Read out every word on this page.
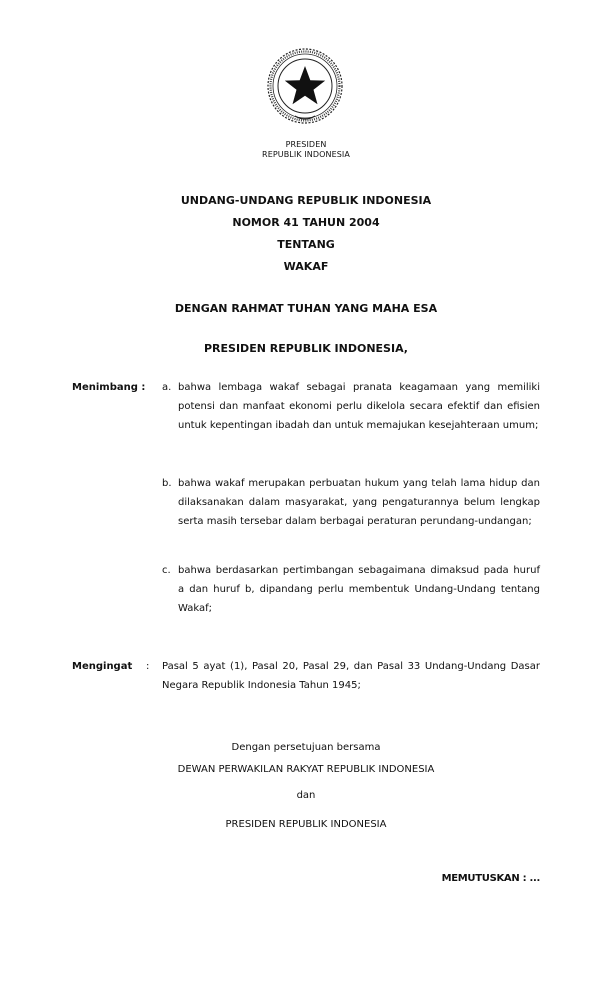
PRESIDEN
REPUBLIK INDONESIA
UNDANG-UNDANG REPUBLIK INDONESIA
NOMOR 41 TAHUN 2004
TENTANG
WAKAF
DENGAN RAHMAT TUHAN YANG MAHA ESA
PRESIDEN REPUBLIK INDONESIA,
Menimbang : a. bahwa lembaga wakaf sebagai pranata keagamaan yang memiliki potensi dan manfaat ekonomi perlu dikelola secara efektif dan efisien untuk kepentingan ibadah dan untuk memajukan kesejahteraan umum;
b. bahwa wakaf merupakan perbuatan hukum yang telah lama hidup dan dilaksanakan dalam masyarakat, yang pengaturannya belum lengkap serta masih tersebar dalam berbagai peraturan perundang-undangan;
c. bahwa berdasarkan pertimbangan sebagaimana dimaksud pada huruf a dan huruf b, dipandang perlu membentuk Undang-Undang tentang Wakaf;
Mengingat : Pasal 5 ayat (1), Pasal 20, Pasal 29, dan Pasal 33 Undang-Undang Dasar Negara Republik Indonesia Tahun 1945;
Dengan persetujuan bersama
DEWAN PERWAKILAN RAKYAT REPUBLIK INDONESIA
dan
PRESIDEN REPUBLIK INDONESIA
MEMUTUSKAN : ...
